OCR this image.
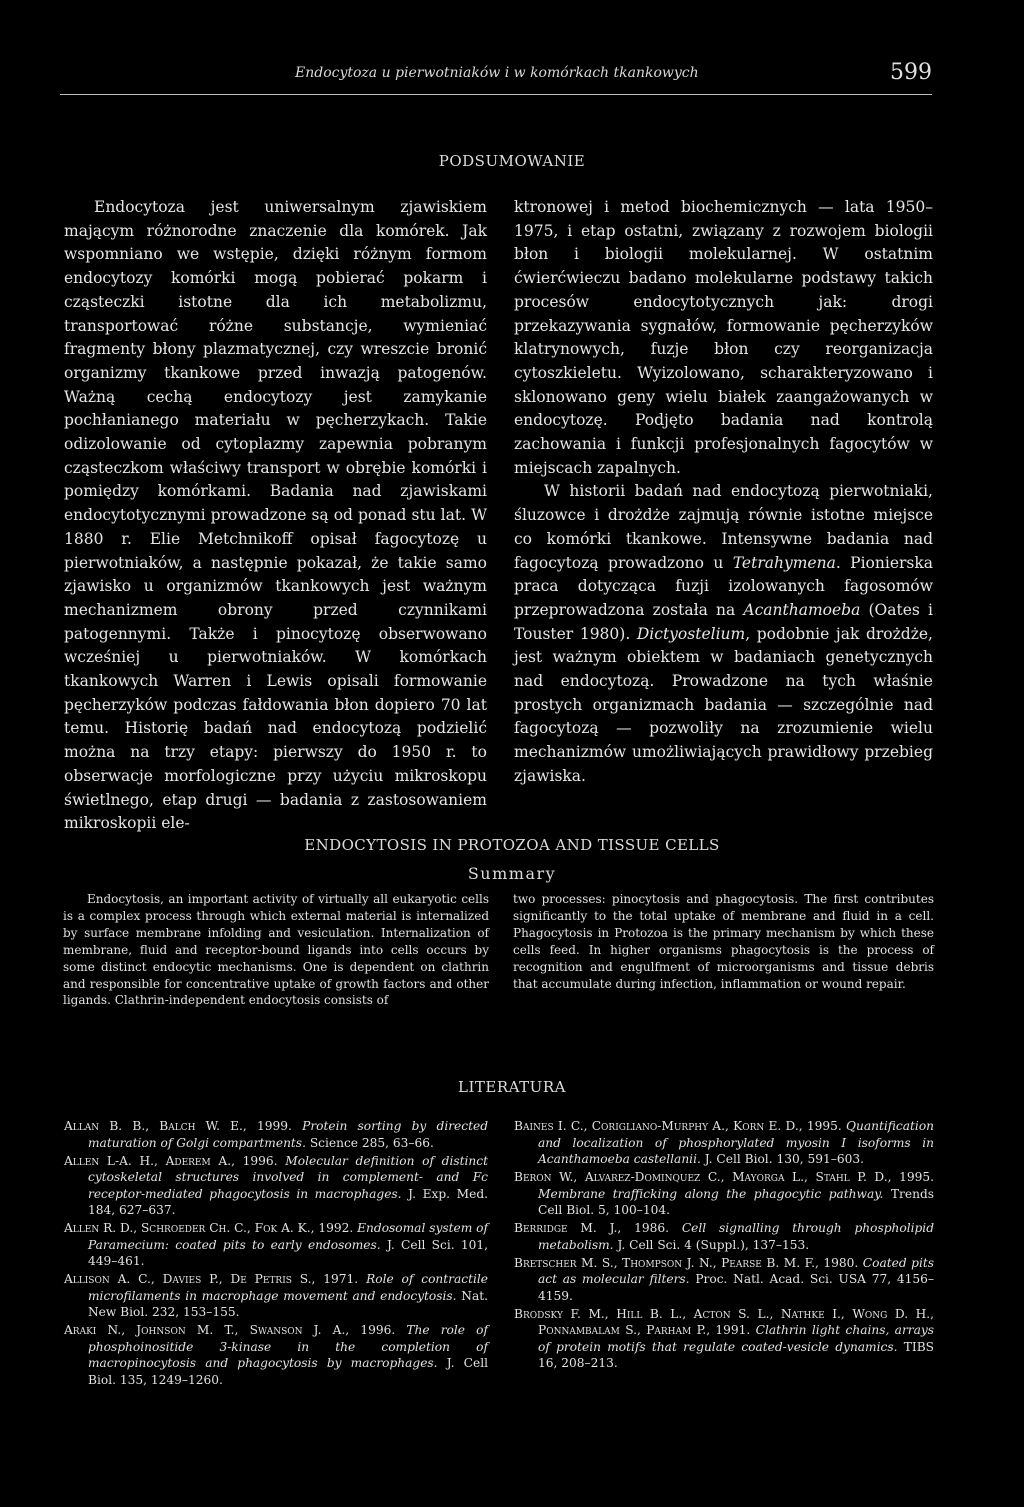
Endocytoza u pierwotniaków i w komórkach tkankowych	599
PODSUMOWANIE
Endocytoza jest uniwersalnym zjawiskiem mającym różnorodne znaczenie dla komórek. Jak wspomniano we wstępie, dzięki różnym formom endocytozy komórki mogą pobierać pokarm i cząsteczki istotne dla ich metabolizmu, transportować różne substancje, wymieniać fragmenty błony plazmatycznej, czy wreszcie bronić organizmy tkankowe przed inwazją patogenów. Ważną cechą endocytozy jest zamykanie pochłanianego materiału w pęcherzykach. Takie odizolowanie od cytoplazmy zapewnia pobranym cząsteczkom właściwy transport w obrębie komórki i pomiędzy komórkami. Badania nad zjawiskami endocytotycznymi prowadzone są od ponad stu lat. W 1880 r. Elie Metchnikoff opisał fagocytozę u pierwotniaków, a następnie pokazał, że takie samo zjawisko u organizmów tkankowych jest ważnym mechanizmem obrony przed czynnikami patogennymi. Także i pinocytozę obserwowano wcześniej u pierwotniaków. W komórkach tkankowych Warren i Lewis opisali formowanie pęcherzyków podczas fałdowania błon dopiero 70 lat temu. Historię badań nad endocytozą podzielić można na trzy etapy: pierwszy do 1950 r. to obserwacje morfologiczne przy użyciu mikroskopu świetlnego, etap drugi — badania z zastosowaniem mikroskopii ele-
ktronowej i metod biochemicznych — lata 1950–1975, i etap ostatni, związany z rozwojem biologii błon i biologii molekularnej. W ostatnim ćwierćwieczu badano molekularne podstawy takich procesów endocytotycznych jak: drogi przekazywania sygnałów, formowanie pęcherzyków klatrynowych, fuzje błon czy reorganizacja cytoszkieletu. Wyizolowano, scharakteryzowano i sklonowano geny wielu białek zaangażowanych w endocytozę. Podjęto badania nad kontrolą zachowania i funkcji profesjonalnych fagocytów w miejscach zapalnych.
W historii badań nad endocytozą pierwotniaki, śluzowce i drożdże zajmują równie istotne miejsce co komórki tkankowe. Intensywne badania nad fagocytozą prowadzono u Tetrahymena. Pionierska praca dotycząca fuzji izolowanych fagosomów przeprowadzona została na Acanthamoeba (Oates i Touster 1980). Dictyostelium, podobnie jak drożdże, jest ważnym obiektem w badaniach genetycznych nad endocytozą. Prowadzone na tych właśnie prostych organizmach badania — szczególnie nad fagocytozą — pozwoliły na zrozumienie wielu mechanizmów umożliwiających prawidłowy przebieg zjawiska.
ENDOCYTOSIS IN PROTOZOA AND TISSUE CELLS
Summary
Endocytosis, an important activity of virtually all eukaryotic cells is a complex process through which external material is internalized by surface membrane infolding and vesiculation. Internalization of membrane, fluid and receptor-bound ligands into cells occurs by some distinct endocytic mechanisms. One is dependent on clathrin and responsible for concentrative uptake of growth factors and other ligands. Clathrin-independent endocytosis consists of
two processes: pinocytosis and phagocytosis. The first contributes significantly to the total uptake of membrane and fluid in a cell. Phagocytosis in Protozoa is the primary mechanism by which these cells feed. In higher organisms phagocytosis is the process of recognition and engulfment of microorganisms and tissue debris that accumulate during infection, inflammation or wound repair.
LITERATURA
Allan B. B., Balch W. E., 1999. Protein sorting by directed maturation of Golgi compartments. Science 285, 63–66.
Allen L-A. H., Aderem A., 1996. Molecular definition of distinct cytoskeletal structures involved in complement- and Fc receptor-mediated phagocytosis in macrophages. J. Exp. Med. 184, 627–637.
Allen R. D., Schroeder Ch. C., Fok A. K., 1992. Endosomal system of Paramecium: coated pits to early endosomes. J. Cell Sci. 101, 449–461.
Allison A. C., Davies P., De Petris S., 1971. Role of contractile microfilaments in macrophage movement and endocytosis. Nat. New Biol. 232, 153–155.
Araki N., Johnson M. T., Swanson J. A., 1996. The role of phosphoinositide 3-kinase in the completion of macropinocytosis and phagocytosis by macrophages. J. Cell Biol. 135, 1249–1260.
Baines I. C., Corigliano-Murphy A., Korn E. D., 1995. Quantification and localization of phosphorylated myosin I isoforms in Acanthamoeba castellanii. J. Cell Biol. 130, 591–603.
Beron W., Alvarez-Dominquez C., Mayorga L., Stahl P. D., 1995. Membrane trafficking along the phagocytic pathway. Trends Cell Biol. 5, 100–104.
Berridge M. J., 1986. Cell signalling through phospholipid metabolism. J. Cell Sci. 4 (Suppl.), 137–153.
Bretscher M. S., Thompson J. N., Pearse B. M. F., 1980. Coated pits act as molecular filters. Proc. Natl. Acad. Sci. USA 77, 4156–4159.
Brodsky F. M., Hill B. L., Acton S. L., Nathke I., Wong D. H., Ponnambalam S., Parham P., 1991. Clathrin light chains, arrays of protein motifs that regulate coated-vesicle dynamics. TIBS 16, 208–213.
